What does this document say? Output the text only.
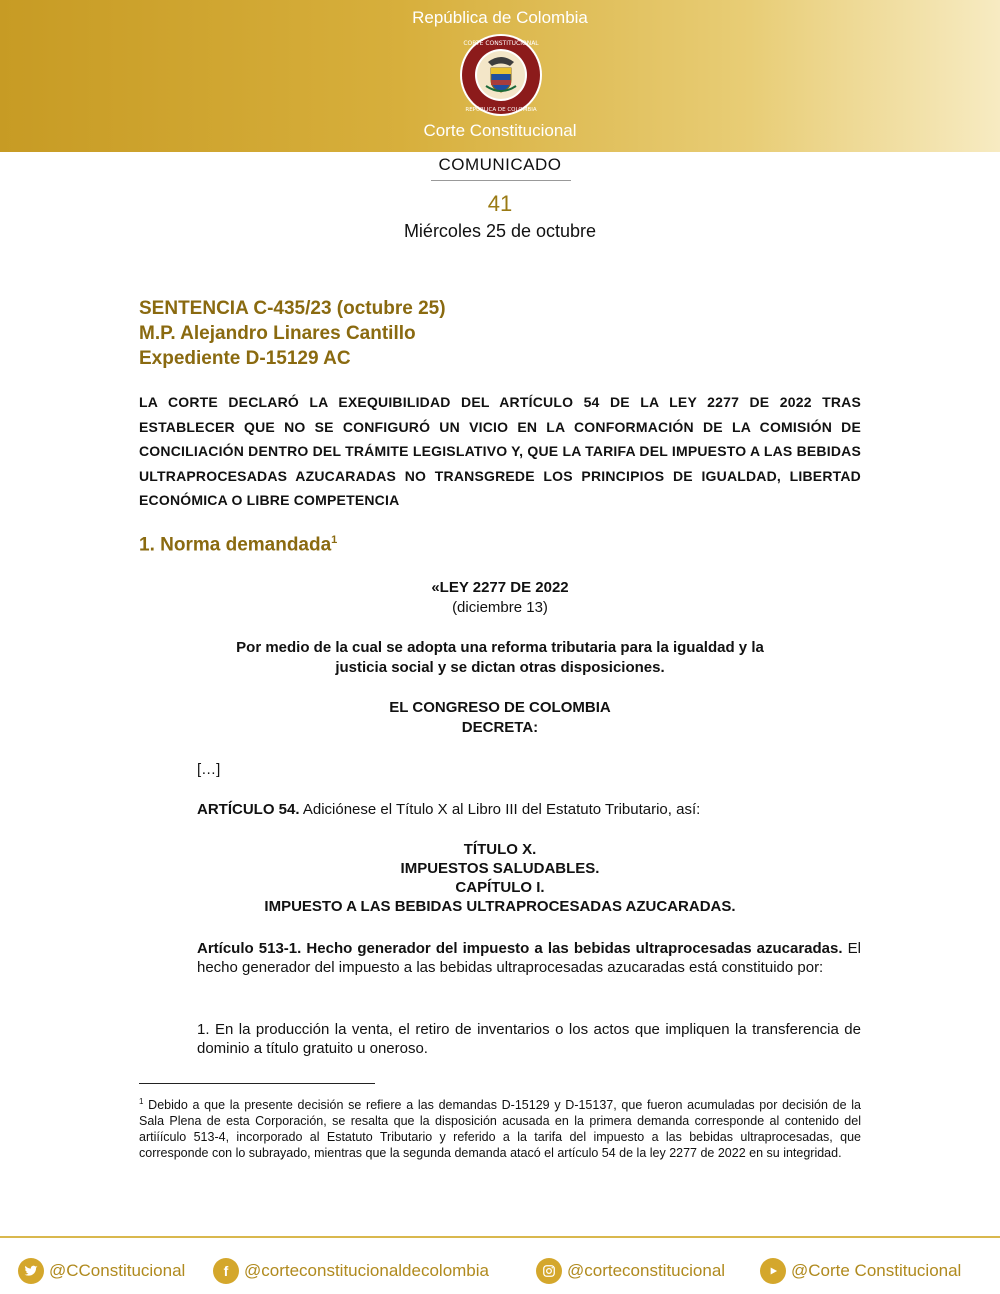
República de Colombia
CORTE CONSTITUCIONAL
REPÚBLICA DE COLOMBIA
Corte Constitucional
COMUNICADO
41
Miércoles 25 de octubre
SENTENCIA C-435/23 (octubre 25)
M.P. Alejandro Linares Cantillo
Expediente D-15129 AC
LA CORTE DECLARÓ LA EXEQUIBILIDAD DEL ARTÍCULO 54 DE LA LEY 2277 DE 2022 TRAS ESTABLECER QUE NO SE CONFIGURÓ UN VICIO EN LA CONFORMACIÓN DE LA COMISIÓN DE CONCILIACIÓN DENTRO DEL TRÁMITE LEGISLATIVO Y, QUE LA TARIFA DEL IMPUESTO A LAS BEBIDAS ULTRAPROCESADAS AZUCARADAS NO TRANSGREDE LOS PRINCIPIOS DE IGUALDAD, LIBERTAD ECONÓMICA O LIBRE COMPETENCIA
1. Norma demandada$^1$
«LEY 2277 DE 2022
(diciembre 13)
Por medio de la cual se adopta una reforma tributaria para la igualdad y la
justicia social y se dictan otras disposiciones.
EL CONGRESO DE COLOMBIA
DECRETA:
[…]
ARTÍCULO 54. Adiciónese el Título X al Libro III del Estatuto Tributario, así:
TÍTULO X.
IMPUESTOS SALUDABLES.
CAPÍTULO I.
IMPUESTO A LAS BEBIDAS ULTRAPROCESADAS AZUCARADAS.
Artículo 513-1. Hecho generador del impuesto a las bebidas ultraprocesadas azucaradas. El hecho generador del impuesto a las bebidas ultraprocesadas azucaradas está constituido por:
1. En la producción la venta, el retiro de inventarios o los actos que impliquen la transferencia de dominio a título gratuito u oneroso.
$^1$ Debido a que la presente decisión se refiere a las demandas D-15129 y D-15137, que fueron acumuladas por decisión de la Sala Plena de esta Corporación, se resalta que la disposición acusada en la primera demanda corresponde al contenido del artiíículo 513-4, incorporado al Estatuto Tributario y referido a la tarifa del impuesto a las bebidas ultraprocesadas, que corresponde con lo subrayado, mientras que la segunda demanda atacó el artículo 54 de la ley 2277 de 2022 en su integridad.
@CConstitucional	f @corteconstitucionaldecolombia	@corteconstitucional	@Corte Constitucional
